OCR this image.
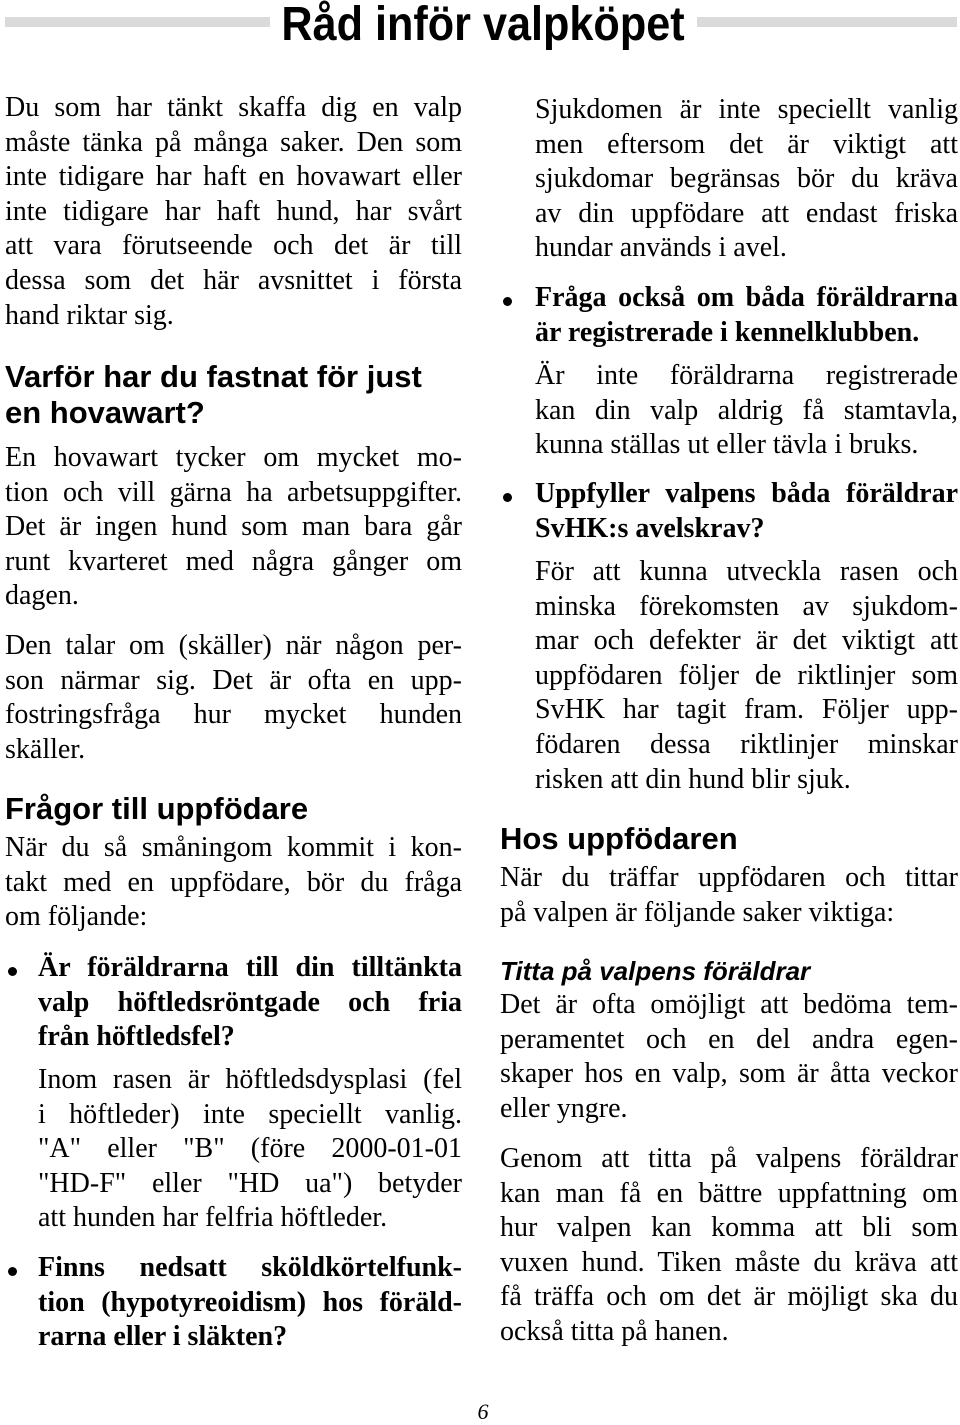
Råd inför valpköpet
Du som har tänkt skaffa dig en valp
måste tänka på många saker. Den som
inte tidigare har haft en hovawart eller
inte tidigare har haft hund, har svårt
att vara förutseende och det är till
dessa som det här avsnittet i första
hand riktar sig.
Varför har du fastnat för just
en hovawart?
En hovawart tycker om mycket mo-
tion och vill gärna ha arbetsuppgifter.
Det är ingen hund som man bara går
runt kvarteret med några gånger om
dagen.
Den talar om (skäller) när någon per-
son närmar sig. Det är ofta en upp-
fostringsfråga hur mycket hunden
skäller.
Frågor till uppfödare
När du så småningom kommit i kon-
takt med en uppfödare, bör du fråga
om följande:
Är föräldrarna till din tilltänkta
valp höftledsröntgade och fria
från höftledsfel?
Inom rasen är höftledsdysplasi (fel
i höftleder) inte speciellt vanlig.
"A" eller "B" (före 2000-01-01
"HD-F" eller "HD ua") betyder
att hunden har felfria höftleder.
Finns nedsatt sköldkörtelfunk-
tion (hypotyreoidism) hos föräld-
rarna eller i släkten?
Sjukdomen är inte speciellt vanlig
men eftersom det är viktigt att
sjukdomar begränsas bör du kräva
av din uppfödare att endast friska
hundar används i avel.
Fråga också om båda föräldrarna
är registrerade i kennelklubben.
Är inte föräldrarna registrerade
kan din valp aldrig få stamtavla,
kunna ställas ut eller tävla i bruks.
Uppfyller valpens båda föräldrar
SvHK:s avelskrav?
För att kunna utveckla rasen och
minska förekomsten av sjukdom-
mar och defekter är det viktigt att
uppfödaren följer de riktlinjer som
SvHK har tagit fram. Följer upp-
födaren dessa riktlinjer minskar
risken att din hund blir sjuk.
Hos uppfödaren
När du träffar uppfödaren och tittar
på valpen är följande saker viktiga:
Titta på valpens föräldrar
Det är ofta omöjligt att bedöma tem-
peramentet och en del andra egen-
skaper hos en valp, som är åtta veckor
eller yngre.
Genom att titta på valpens föräldrar
kan man få en bättre uppfattning om
hur valpen kan komma att bli som
vuxen hund. Tiken måste du kräva att
få träffa och om det är möjligt ska du
också titta på hanen.
6
